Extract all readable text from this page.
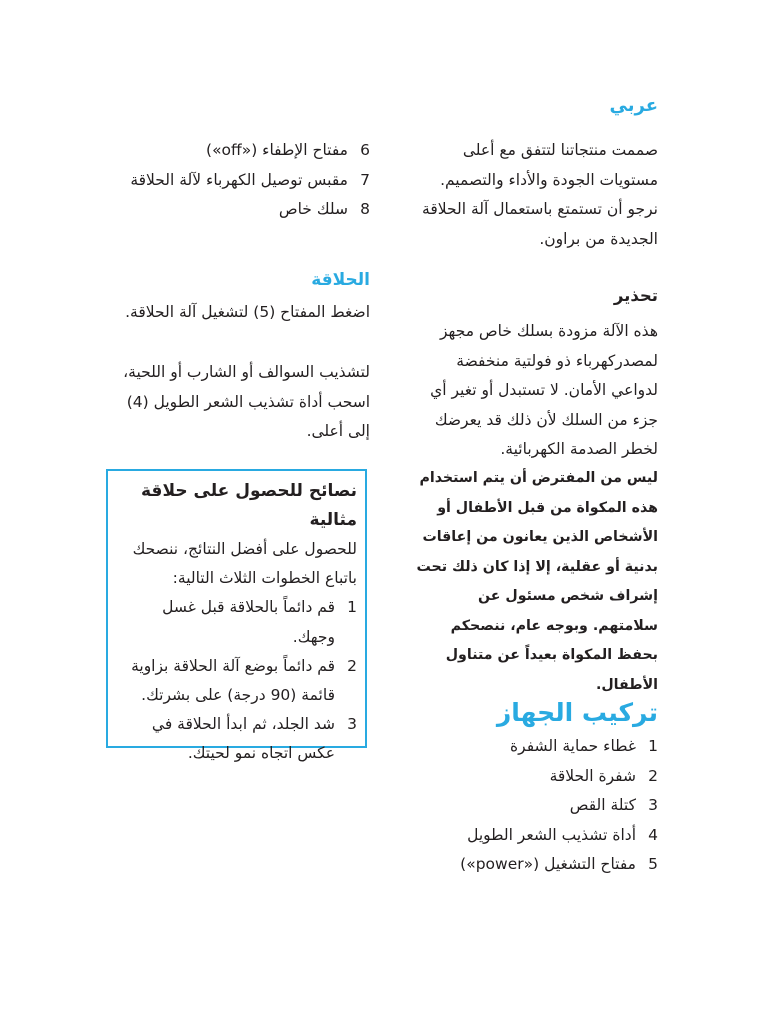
عربي
صممت منتجاتنا لتتفق مع أعلى مستويات الجودة والأداء والتصميم. نرجو أن تستمتع باستعمال آلة الحلاقة الجديدة من براون.
تحذير
هذه الآلة مزودة بسلك خاص مجهز لمصدركهرباء ذو فولتية منخفضة لدواعي الأمان. لا تستبدل أو تغير أي جزء من السلك لأن ذلك قد يعرضك لخطر الصدمة الكهربائية.
ليس من المفترض أن يتم استخدام هذه المكواة من قبل الأطفال أو الأشخاص الذين يعانون من إعاقات بدنية أو عقلية، إلا إذا كان ذلك تحت إشراف شخص مسئول عن سلامتهم. وبوجه عام، ننصحكم بحفظ المكواة بعيداً عن متناول الأطفال.
تركيب الجهاز
1
غطاء حماية الشفرة
2
شفرة الحلاقة
3
كتلة القص
4
أداة تشذيب الشعر الطويل
5
مفتاح التشغيل («power»)
6
مفتاح الإطفاء («off»)
7
مقبس توصيل الكهرباء لآلة الحلاقة
8
سلك خاص
الحلاقة
اضغط المفتاح (5) لتشغيل آلة الحلاقة.
لتشذيب السوالف أو الشارب أو اللحية، اسحب أداة تشذيب الشعر الطويل (4) إلى أعلى.
نصائح للحصول على حلاقة مثالية
للحصول على أفضل النتائج، ننصحك باتباع الخطوات الثلاث التالية:
1
قم دائماً بالحلاقة قبل غسل وجهك.
2
قم دائماً بوضع آلة الحلاقة بزاوية قائمة (90 درجة) على بشرتك.
3
شد الجلد، ثم ابدأ الحلاقة في عكس اتجاه نمو لحيتك.
